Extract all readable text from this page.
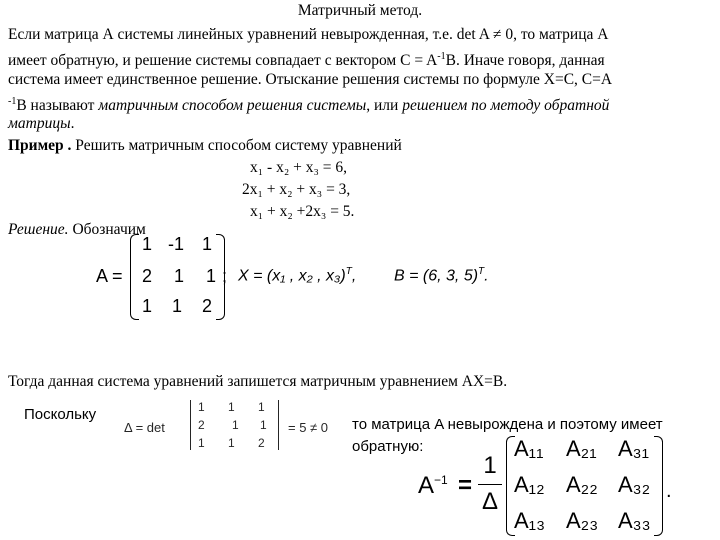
Матричный метод.
Если матрица А системы линейных уравнений невырожденная, т.е. det A ≠ 0, то матрица А
имеет обратную, и решение системы совпадает с вектором $C = A^{-1}B$. Иначе говоря, данная
система имеет единственное решение. Отыскание решения системы по формуле X=C, C=A
$^{-1}$B называют матричным способом решения системы, или решением по методу обратной
матрицы.
Пример . Решить матричным способом систему уравнений
x₁ - x₂ + x₃ = 6,
2x₁ + x₂ + x₃ = 3,
x₁ + x₂ +2x₃ = 5.
Решение. Обозначим
A =
1 -1 1
2 1 1
1 1 2
; X = (x₁ , x₂ , x₃)$^T$, B = (6, 3, 5)$^T$.
Тогда данная система уравнений запишется матричным уравнением AX=B.
Поскольку
Δ = det
1 1 1
2 1 1
1 1 2
= 5 ≠ 0 то матрица A невырождена и поэтому имеет
обратную:
$A^{-1}$ =
1
Δ
A₁₁ A₂₁ A₃₁
A₁₂ A₂₂ A₃₂
A₁₃ A₂₃ A₃₃
.
